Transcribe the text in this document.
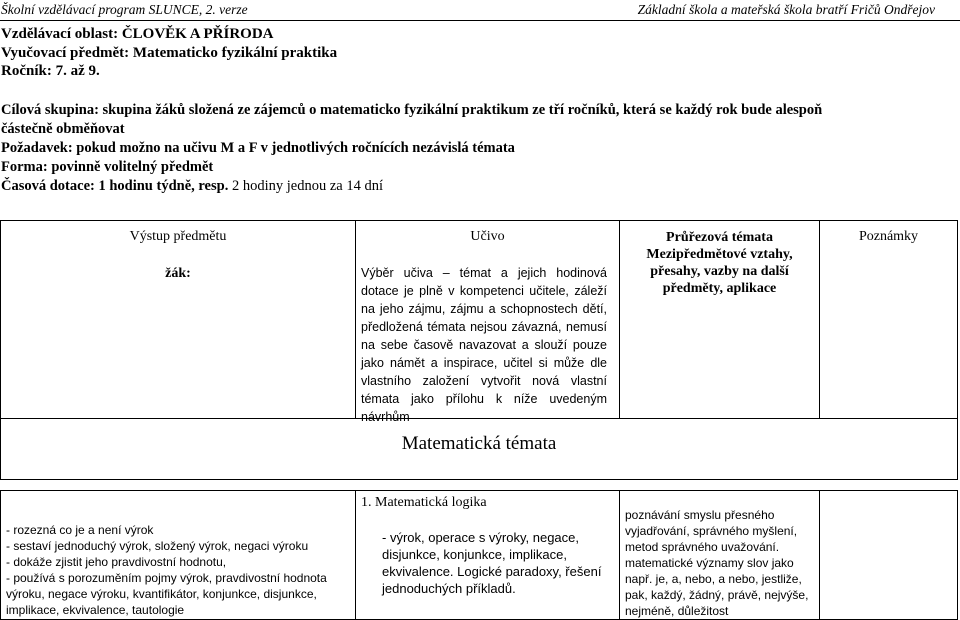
Školní vzdělávací program SLUNCE, 2. verze	Základní škola a mateřská škola bratří Fričů Ondřejov
Vzdělávací oblast: ČLOVĚK A PŘÍRODA
Vyučovací předmět: Matematicko fyzikální praktika
Ročník: 7. až 9.
Cílová skupina: skupina žáků složená ze zájemců o matematicko fyzikální praktikum ze tří ročníků, která se každý rok bude alespoň
částečně obměňovat
Požadavek: pokud možno na učivu M a F v jednotlivých ročnících nezávislá témata
Forma: povinně volitelný předmět
Časová dotace: 1 hodinu týdně, resp. 2 hodiny jednou za 14 dní
Výstup předmětu
žák:
Učivo
Výběr učiva – témat a jejich hodinová dotace je plně v kompetenci učitele, záleží na jeho zájmu, zájmu a schopnostech dětí, předložená témata nejsou závazná, nemusí na sebe časově navazovat a slouží pouze jako námět a inspirace, učitel si může dle vlastního založení vytvořit nová vlastní témata jako přílohu k níže uvedeným návrhům
Průřezová témata
Mezipředmětové vztahy,
přesahy, vazby na další
předměty, aplikace
Poznámky
Matematická témata
- rozezná co je a není výrok
- sestaví jednoduchý výrok, složený výrok, negaci výroku
- dokáže zjistit jeho pravdivostní hodnotu,
- používá s porozuměním pojmy výrok, pravdivostní hodnota
výroku, negace výroku, kvantifikátor, konjunkce, disjunkce,
implikace, ekvivalence, tautologie
1. Matematická logika
- výrok, operace s výroky, negace, disjunkce, konjunkce, implikace, ekvivalence. Logické paradoxy, řešení jednoduchých příkladů.
poznávání smyslu přesného
vyjadřování, správného myšlení,
metod správného uvažování.
matematické významy slov jako
např. je, a, nebo, a nebo, jestliže,
pak, každý, žádný, právě, nejvýše,
nejméně, důležitost
